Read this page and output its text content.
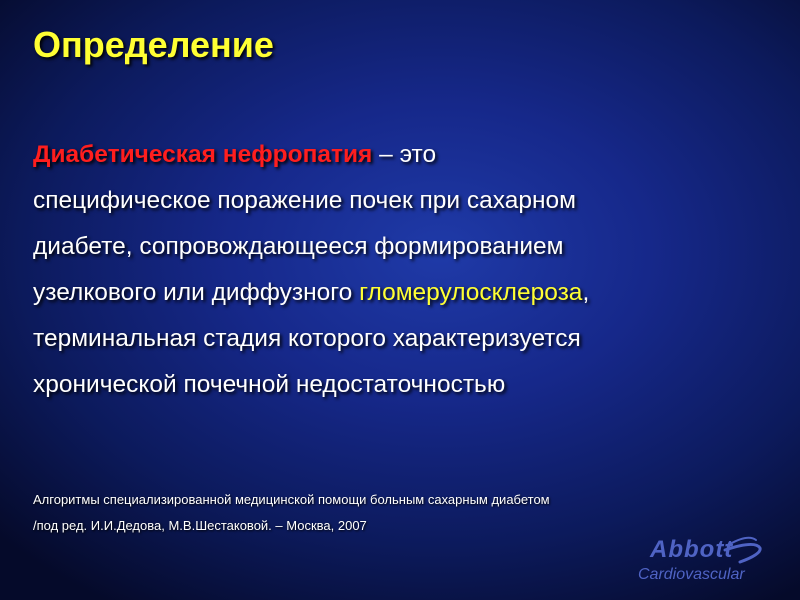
Определение
Диабетическая нефропатия – это специфическое поражение почек при сахарном диабете, сопровождающееся формированием узелкового или диффузного гломерулосклероза, терминальная стадия которого характеризуется хронической почечной недостаточностью
Алгоритмы специализированной медицинской помощи больным сахарным диабетом
/под ред. И.И.Дедова, М.В.Шестаковой. – Москва, 2007
Abbott
Cardiovascular
